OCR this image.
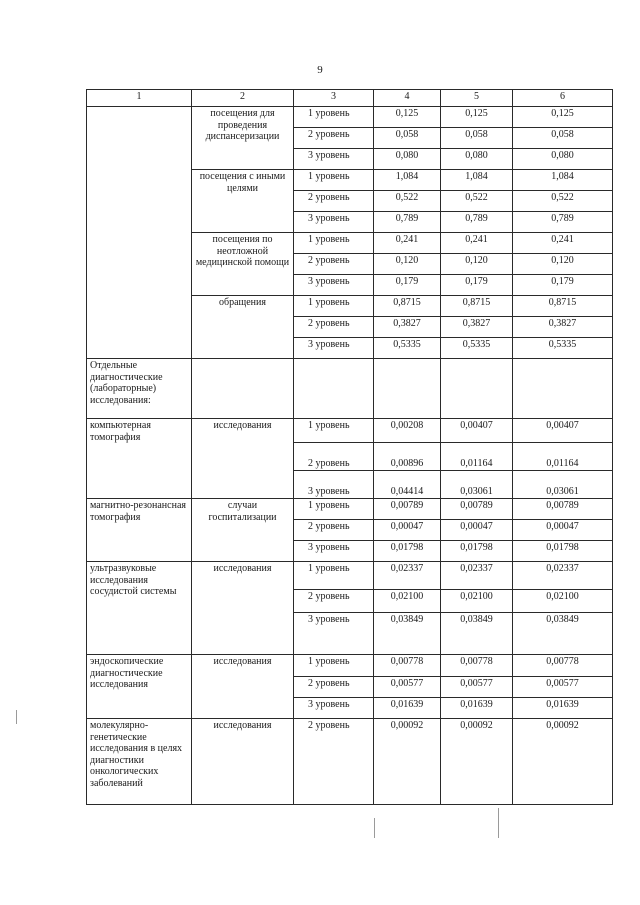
9
1	2	3	4	5	6
	посещения для проведения диспансеризации	1 уровень	0,125	0,125	0,125
		2 уровень	0,058	0,058	0,058
		3 уровень	0,080	0,080	0,080
	посещения с иными целями	1 уровень	1,084	1,084	1,084
		2 уровень	0,522	0,522	0,522
		3 уровень	0,789	0,789	0,789
	посещения по неотложной медицинской помощи	1 уровень	0,241	0,241	0,241
		2 уровень	0,120	0,120	0,120
		3 уровень	0,179	0,179	0,179
	обращения	1 уровень	0,8715	0,8715	0,8715
		2 уровень	0,3827	0,3827	0,3827
		3 уровень	0,5335	0,5335	0,5335
Отдельные диагностические (лабораторные) исследования:					
компьютерная томография	исследования	1 уровень	0,00208	0,00407	0,00407
		2 уровень	0,00896	0,01164	0,01164
		3 уровень	0,04414	0,03061	0,03061
магнитно-резонансная томография	случаи госпитализации	1 уровень	0,00789	0,00789	0,00789
		2 уровень	0,00047	0,00047	0,00047
		3 уровень	0,01798	0,01798	0,01798
ультразвуковые исследования сосудистой системы	исследования	1 уровень	0,02337	0,02337	0,02337
		2 уровень	0,02100	0,02100	0,02100
		3 уровень	0,03849	0,03849	0,03849
эндоскопические диагностические исследования	исследования	1 уровень	0,00778	0,00778	0,00778
		2 уровень	0,00577	0,00577	0,00577
		3 уровень	0,01639	0,01639	0,01639
молекулярно-генетические исследования в целях диагностики онкологических заболеваний	исследования	2 уровень	0,00092	0,00092	0,00092
